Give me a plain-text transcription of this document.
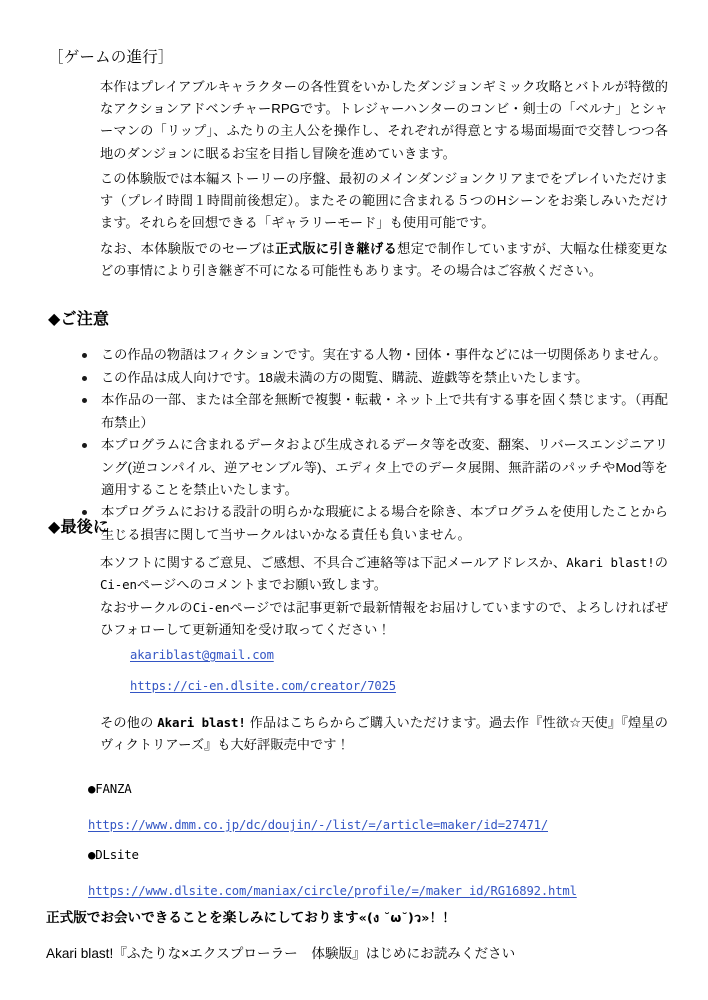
［ゲームの進行］
本作はプレイアブルキャラクターの各性質をいかしたダンジョンギミック攻略とバトルが特徴的なアクションアドベンチャーRPGです。トレジャーハンターのコンビ・剣士の「ベルナ」とシャーマンの「リップ」、ふたりの主人公を操作し、それぞれが得意とする場面場面で交替しつつ各地のダンジョンに眠るお宝を目指し冒険を進めていきます。
この体験版では本編ストーリーの序盤、最初のメインダンジョンクリアまでをプレイいただけます（プレイ時間１時間前後想定）。またその範囲に含まれる５つのHシーンをお楽しみいただけます。それらを回想できる「ギャラリーモード」も使用可能です。
なお、本体験版でのセーブは正式版に引き継げる想定で制作していますが、大幅な仕様変更などの事情により引き継ぎ不可になる可能性もあります。その場合はご容赦ください。
◆ご注意
この作品の物語はフィクションです。実在する人物・団体・事件などには一切関係ありません。
この作品は成人向けです。18歳未満の方の閲覧、購読、遊戯等を禁止いたします。
本作品の一部、または全部を無断で複製・転載・ネット上で共有する事を固く禁じます。（再配布禁止）
本プログラムに含まれるデータおよび生成されるデータ等を改変、翻案、リバースエンジニアリング(逆コンパイル、逆アセンブル等)、エディタ上でのデータ展開、無許諾のパッチやMod等を適用することを禁止いたします。
本プログラムにおける設計の明らかな瑕疵による場合を除き、本プログラムを使用したことから生じる損害に関して当サークルはいかなる責任も負いません。
◆最後に
本ソフトに関するご意見、ご感想、不具合ご連絡等は下記メールアドレスか、Akari blast!のCi-enページへのコメントまでお願い致します。
なおサークルのCi-enページでは記事更新で最新情報をお届けしていますので、よろしければぜひフォローして更新通知を受け取ってください！
akariblast@gmail.com
https://ci-en.dlsite.com/creator/7025
その他の Akari blast! 作品はこちらからご購入いただけます。過去作『性欲☆天使』『煌星のヴィクトリアーズ』も大好評販売中です！
●FANZA
https://www.dmm.co.jp/dc/doujin/-/list/=/article=maker/id=27471/
●DLsite
https://www.dlsite.com/maniax/circle/profile/=/maker_id/RG16892.html
正式版でお会いできることを楽しみにしております«(ง ˘ω˘)ว»！！
Akari blast!『ふたりな×エクスプローラー　体験版』はじめにお読みください
